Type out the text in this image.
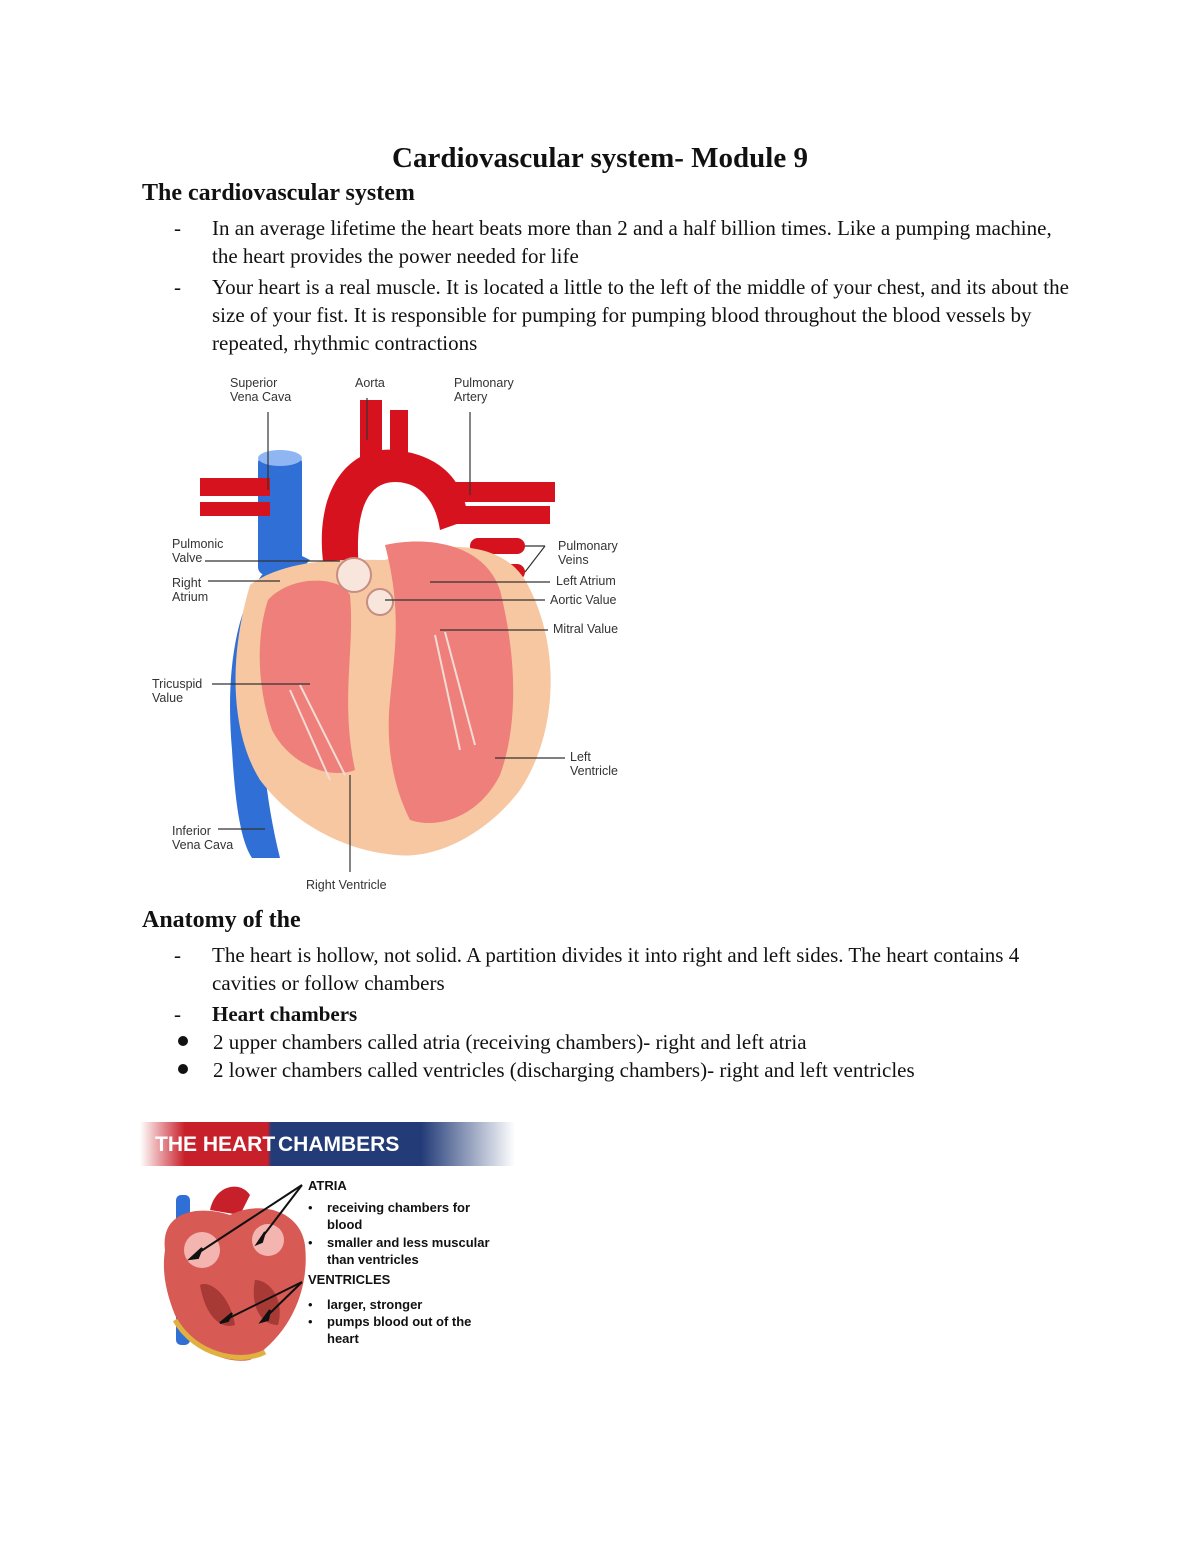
Cardiovascular system- Module 9
The cardiovascular system
- In an average lifetime the heart beats more than 2 and a half billion times. Like a pumping machine, the heart provides the power needed for life
- Your heart is a real muscle. It is located a little to the left of the middle of your chest, and its about the size of your fist. It is responsible for pumping for pumping blood throughout the blood vessels by repeated, rhythmic contractions
Superior Vena Cava
Aorta	Pulmonary Artery
Pulmonic Valve
Right Atrium
Tricuspid Value
Inferior Vena Cava
Right Ventricle
Pulmonary Veins
Left Atrium
Aortic Value
Mitral Value
Left Ventricle
Anatomy of the
- The heart is hollow, not solid. A partition divides it into right and left sides. The heart contains 4 cavities or follow chambers
- Heart chambers
2 upper chambers called atria (receiving chambers)- right and left atria
2 lower chambers called ventricles (discharging chambers)- right and left ventricles
THE HEART CHAMBERS
ATRIA
• receiving chambers for blood
• smaller and less muscular than ventricles
VENTRICLES
• larger, stronger
• pumps blood out of the heart
